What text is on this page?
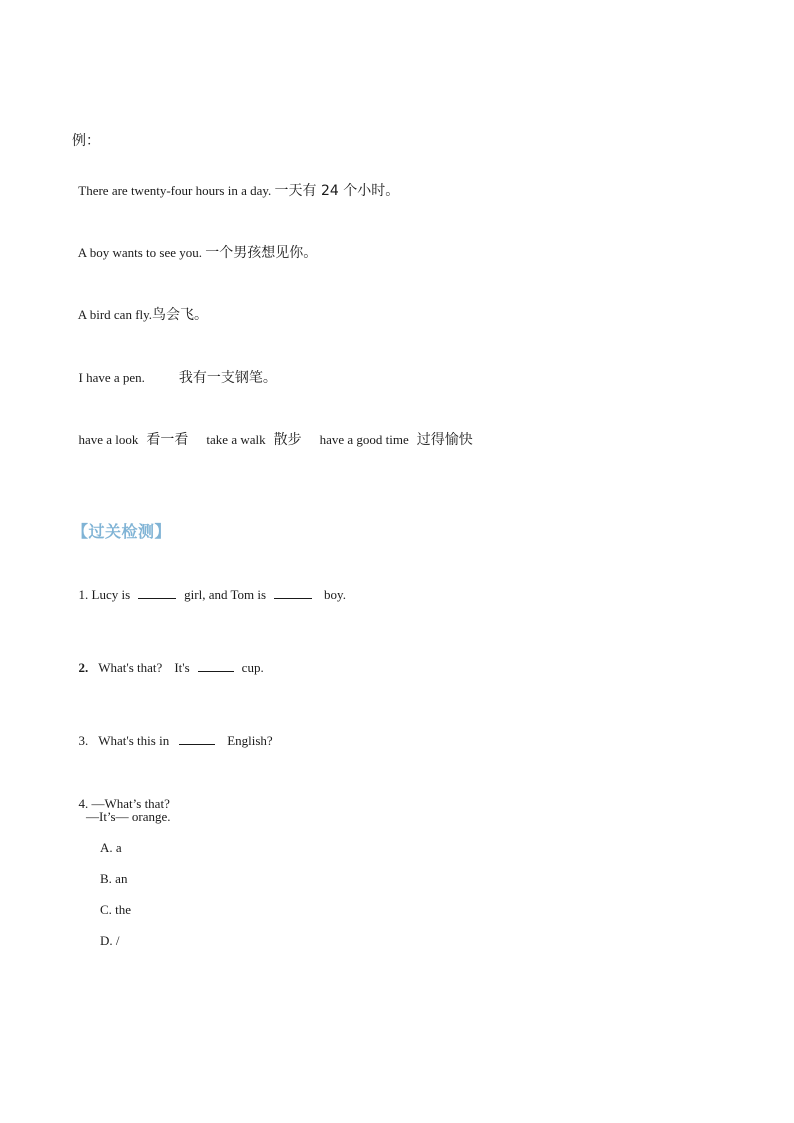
例：

There are twenty-four hours in a day. 一天有 24 个小时。

A boy wants to see you. 一个男孩想见你。

A bird can fly.鸟会飞。

I have a pen. 我有一支钢笔。

have a look 看一看 take a walk 散步 have a good time 过得愉快

【过关检测】

1. Lucy is	girl, and Tom is	boy.

2. What's that? It's	cup.

3. What's this in	English?

4. —What’s that?

—It’s— orange.
A. a
B. an
C. the
D. /
